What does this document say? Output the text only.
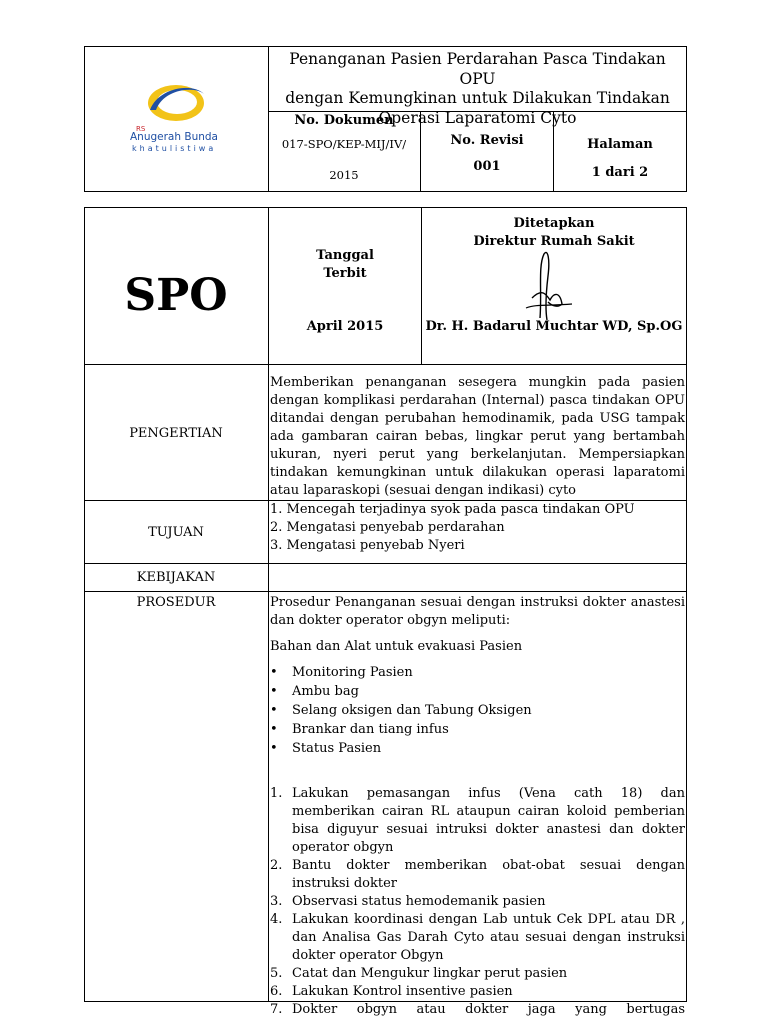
RS
Anugerah Bunda
khatulistiwa
Penanganan Pasien Perdarahan Pasca Tindakan OPU
dengan Kemungkinan untuk Dilakukan Tindakan
Operasi Laparatomi Cyto
No. Dokumen
017-SPO/KEP-MIJ/IV/
2015
No. Revisi
001
Halaman
1 dari 2
SPO
Tanggal
Terbit
April 2015
Ditetapkan
Direktur Rumah Sakit
Dr. H. Badarul Muchtar WD, Sp.OG
PENGERTIAN
Memberikan penanganan sesegera mungkin pada pasien dengan komplikasi perdarahan (Internal) pasca tindakan OPU ditandai dengan perubahan hemodinamik, pada USG tampak ada gambaran cairan bebas, lingkar perut yang bertambah ukuran, nyeri perut yang berkelanjutan. Mempersiapkan tindakan kemungkinan untuk dilakukan operasi laparatomi atau laparaskopi (sesuai dengan indikasi) cyto
TUJUAN
1. Mencegah terjadinya syok pada pasca tindakan OPU
2. Mengatasi penyebab perdarahan
3. Mengatasi penyebab Nyeri
KEBIJAKAN
PROSEDUR	Prosedur Penanganan sesuai dengan instruksi dokter anastesi dan dokter operator obgyn meliputi:
Bahan dan Alat untuk evakuasi Pasien
• Monitoring Pasien
• Ambu bag
• Selang oksigen dan Tabung Oksigen
• Brankar dan tiang infus
• Status Pasien
1. Lakukan pemasangan infus (Vena cath 18) dan memberikan cairan RL ataupun cairan koloid pemberian bisa diguyur sesuai intruksi dokter anastesi dan dokter operator obgyn
2. Bantu dokter memberikan obat-obat sesuai dengan instruksi dokter
3. Observasi status hemodemanik pasien
4. Lakukan koordinasi dengan Lab untuk Cek DPL atau DR , dan Analisa Gas Darah Cyto atau sesuai dengan instruksi dokter operator Obgyn
5. Catat dan Mengukur lingkar perut pasien
6. Lakukan Kontrol insentive pasien
7. Dokter obgyn atau dokter jaga yang bertugas
